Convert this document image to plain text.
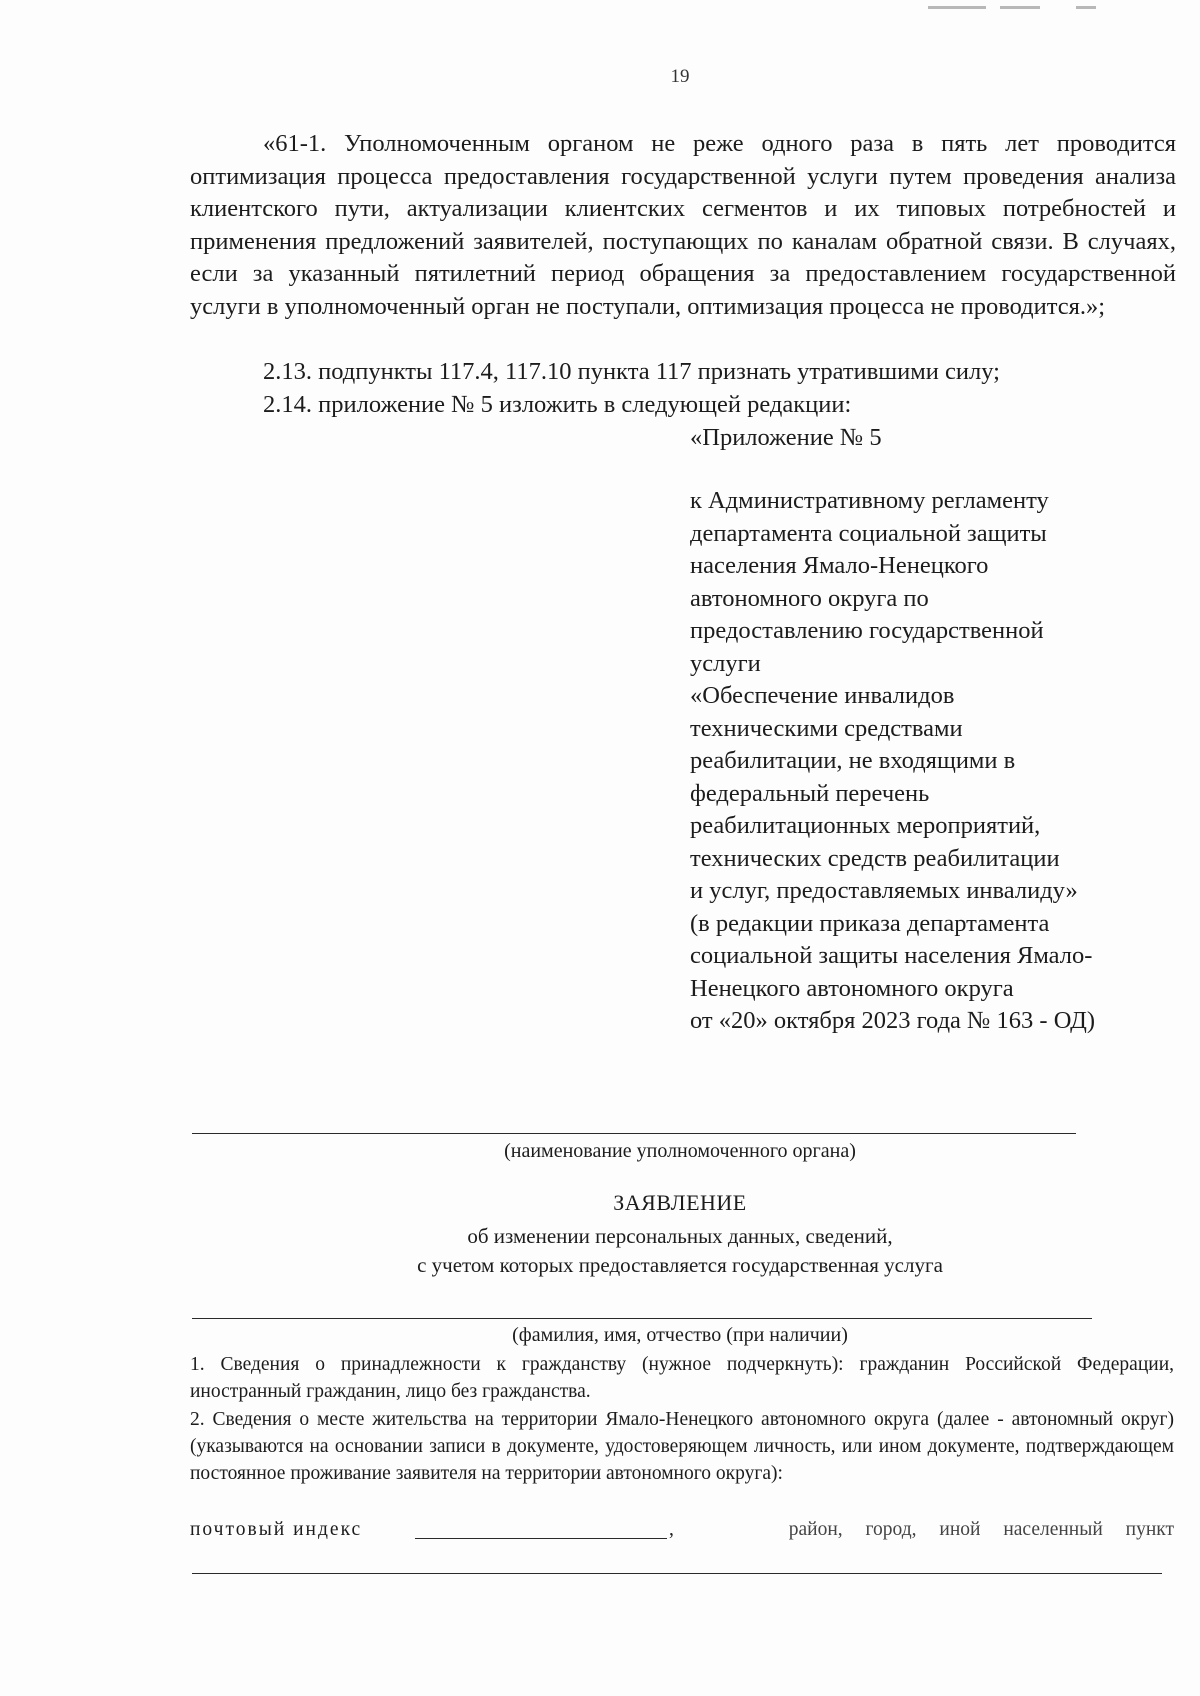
19

«61-1. Уполномоченным органом не реже одного раза в пять лет проводится оптимизация процесса предоставления государственной услуги путем проведения анализа клиентского пути, актуализации клиентских сегментов и их типовых потребностей и применения предложений заявителей, поступающих по каналам обратной связи. В случаях, если за указанный пятилетний период обращения за предоставлением государственной услуги в уполномоченный орган не поступали, оптимизация процесса не проводится.»;

2.13. подпункты 117.4, 117.10 пункта 117 признать утратившими силу;
2.14. приложение № 5 изложить в следующей редакции:
«Приложение № 5
к Административному регламенту
департамента социальной защиты
населения Ямало-Ненецкого
автономного округа по
предоставлению государственной
услуги
«Обеспечение инвалидов
техническими средствами
реабилитации, не входящими в
федеральный перечень
реабилитационных мероприятий,
технических средств реабилитации
и услуг, предоставляемых инвалиду»
(в редакции приказа департамента
социальной защиты населения Ямало-
Ненецкого автономного округа
от «20» октября 2023 года № 163 - ОД)

(наименование уполномоченного органа)

ЗАЯВЛЕНИЕ
об изменении персональных данных, сведений,
с учетом которых предоставляется государственная услуга

(фамилия, имя, отчество (при наличии)

1. Сведения о принадлежности к гражданству (нужное подчеркнуть): гражданин Российской Федерации, иностранный гражданин, лицо без гражданства.

2. Сведения о месте жительства на территории Ямало-Ненецкого автономного округа (далее - автономный округ) (указываются на основании записи в документе, удостоверяющем личность, или ином документе, подтверждающем постоянное проживание заявителя на территории автономного округа):

почтовый индекс	,	район, город, иной населенный пункт
